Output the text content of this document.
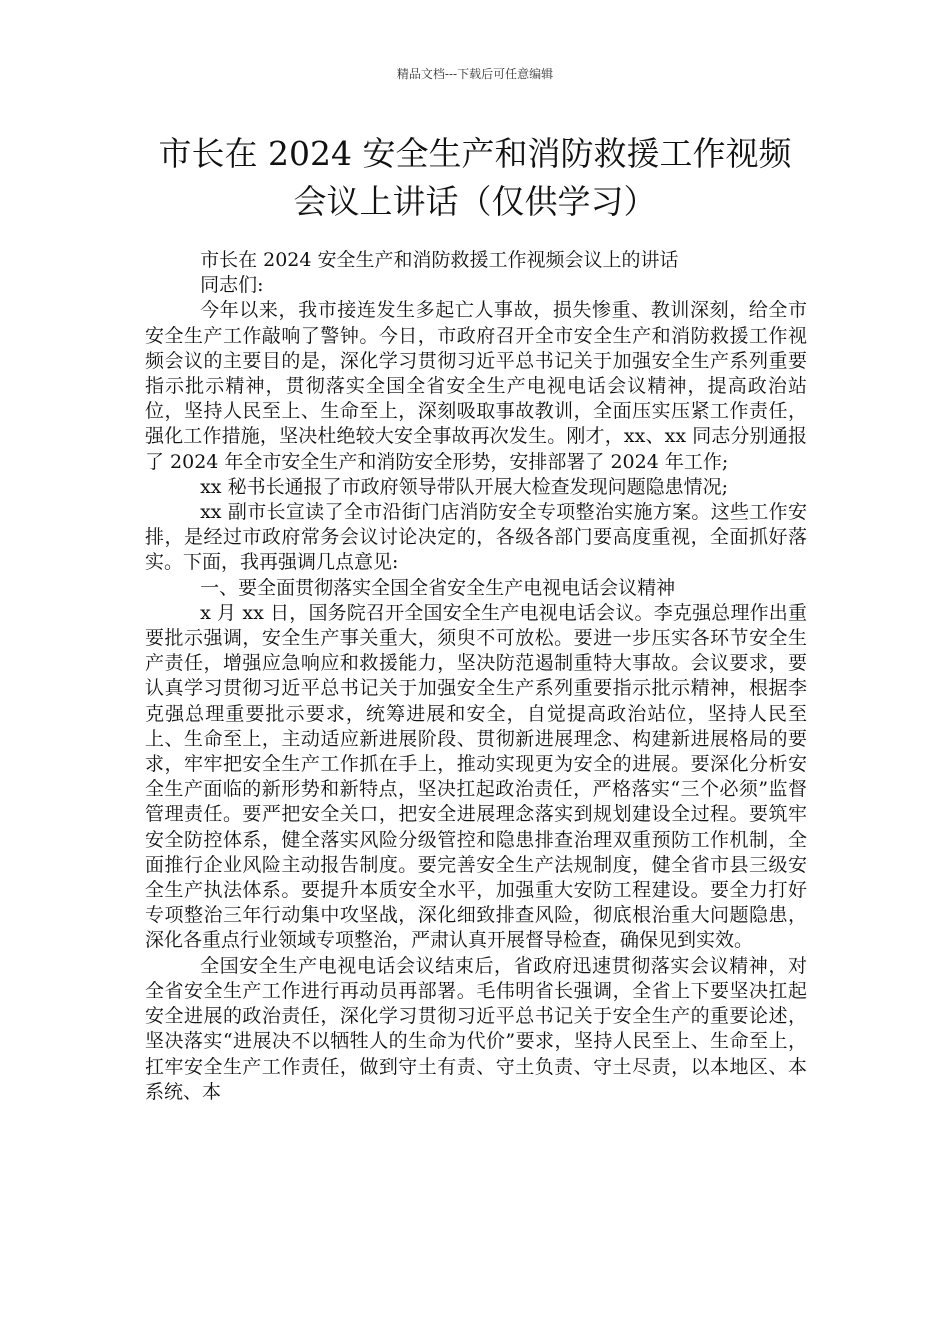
精品文档---下载后可任意编辑
市长在 2024 安全生产和消防救援工作视频
会议上讲话（仅供学习）

市长在 2024 安全生产和消防救援工作视频会议上的讲话

同志们:

今年以来，我市接连发生多起亡人事故，损失惨重、教训深刻，给全市安全生产工作敲响了警钟。今日，市政府召开全市安全生产和消防救援工作视频会议的主要目的是，深化学习贯彻习近平总书记关于加强安全生产系列重要指示批示精神，贯彻落实全国全省安全生产电视电话会议精神，提高政治站位，坚持人民至上、生命至上，深刻吸取事故教训，全面压实压紧工作责任，强化工作措施，坚决杜绝较大安全事故再次发生。刚才，xx、xx 同志分别通报了 2024 年全市安全生产和消防安全形势，安排部署了 2024 年工作;

xx 秘书长通报了市政府领导带队开展大检查发现问题隐患情况;

xx 副市长宣读了全市沿街门店消防安全专项整治实施方案。这些工作安排，是经过市政府常务会议讨论决定的，各级各部门要高度重视，全面抓好落实。下面，我再强调几点意见:

一、要全面贯彻落实全国全省安全生产电视电话会议精神

x 月 xx 日，国务院召开全国安全生产电视电话会议。李克强总理作出重要批示强调，安全生产事关重大，须臾不可放松。要进一步压实各环节安全生产责任，增强应急响应和救援能力，坚决防范遏制重特大事故。会议要求，要认真学习贯彻习近平总书记关于加强安全生产系列重要指示批示精神，根据李克强总理重要批示要求，统筹进展和安全，自觉提高政治站位，坚持人民至上、生命至上，主动适应新进展阶段、贯彻新进展理念、构建新进展格局的要求，牢牢把安全生产工作抓在手上，推动实现更为安全的进展。要深化分析安全生产面临的新形势和新特点，坚决扛起政治责任，严格落实“三个必须”监督管理责任。要严把安全关口，把安全进展理念落实到规划建设全过程。要筑牢安全防控体系，健全落实风险分级管控和隐患排查治理双重预防工作机制，全面推行企业风险主动报告制度。要完善安全生产法规制度，健全省市县三级安全生产执法体系。要提升本质安全水平，加强重大安防工程建设。要全力打好专项整治三年行动集中攻坚战，深化细致排查风险，彻底根治重大问题隐患，深化各重点行业领域专项整治，严肃认真开展督导检查，确保见到实效。

全国安全生产电视电话会议结束后，省政府迅速贯彻落实会议精神，对全省安全生产工作进行再动员再部署。毛伟明省长强调，全省上下要坚决扛起安全进展的政治责任，深化学习贯彻习近平总书记关于安全生产的重要论述，坚决落实“进展决不以牺牲人的生命为代价”要求，坚持人民至上、生命至上，扛牢安全生产工作责任，做到守土有责、守土负责、守土尽责，以本地区、本系统、本
